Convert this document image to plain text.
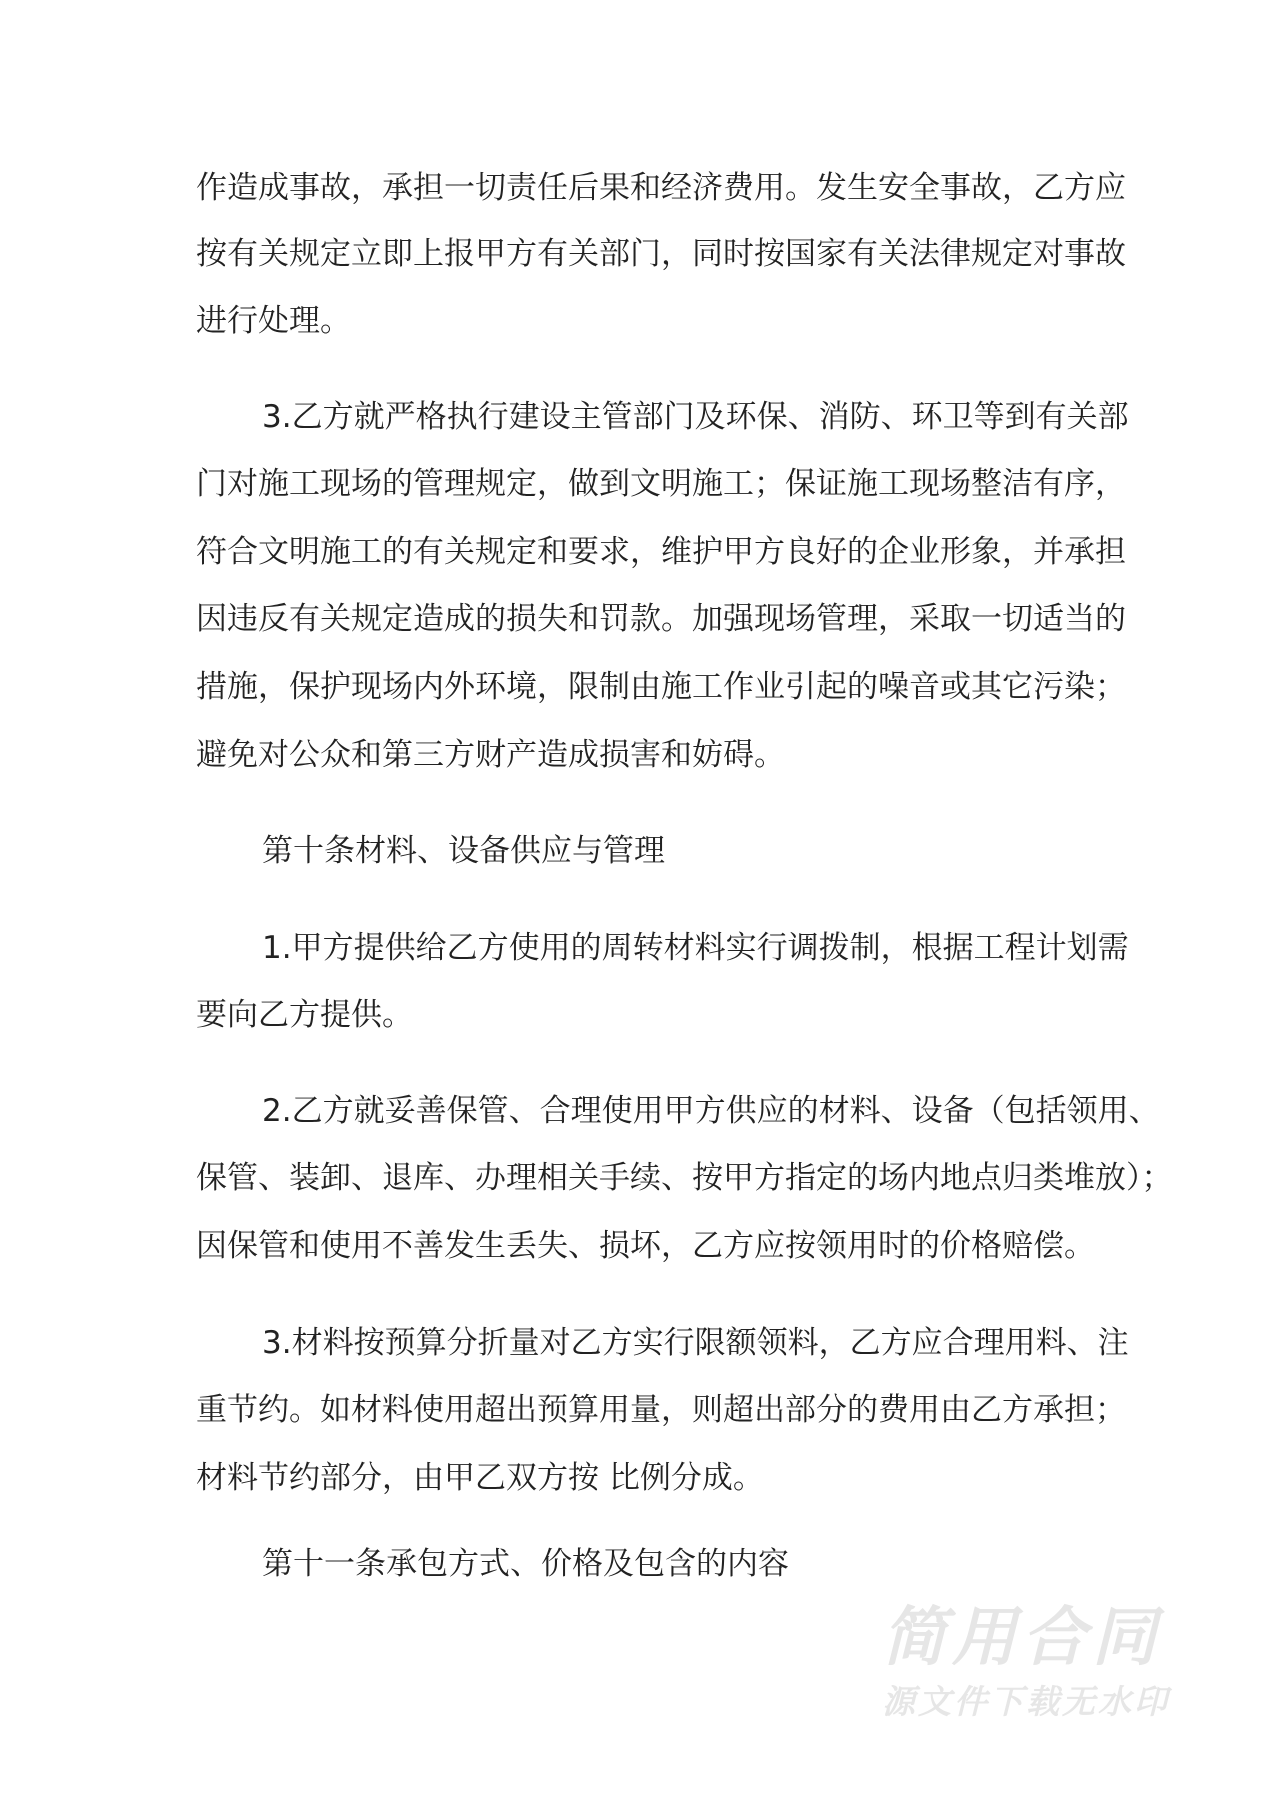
作造成事故，承担一切责任后果和经济费用。发生安全事故，乙方应
按有关规定立即上报甲方有关部门，同时按国家有关法律规定对事故
进行处理。
3.乙方就严格执行建设主管部门及环保、消防、环卫等到有关部
门对施工现场的管理规定，做到文明施工；保证施工现场整洁有序，
符合文明施工的有关规定和要求，维护甲方良好的企业形象，并承担
因违反有关规定造成的损失和罚款。加强现场管理，采取一切适当的
措施，保护现场内外环境，限制由施工作业引起的噪音或其它污染；
避免对公众和第三方财产造成损害和妨碍。
第十条材料、设备供应与管理
1.甲方提供给乙方使用的周转材料实行调拨制，根据工程计划需
要向乙方提供。
2.乙方就妥善保管、合理使用甲方供应的材料、设备（包括领用、
保管、装卸、退库、办理相关手续、按甲方指定的场内地点归类堆放）；
因保管和使用不善发生丢失、损坏，乙方应按领用时的价格赔偿。
3.材料按预算分折量对乙方实行限额领料，乙方应合理用料、注
重节约。如材料使用超出预算用量，则超出部分的费用由乙方承担；
材料节约部分，由甲乙双方按 比例分成。
第十一条承包方式、价格及包含的内容
简用合同
源文件下载无水印
